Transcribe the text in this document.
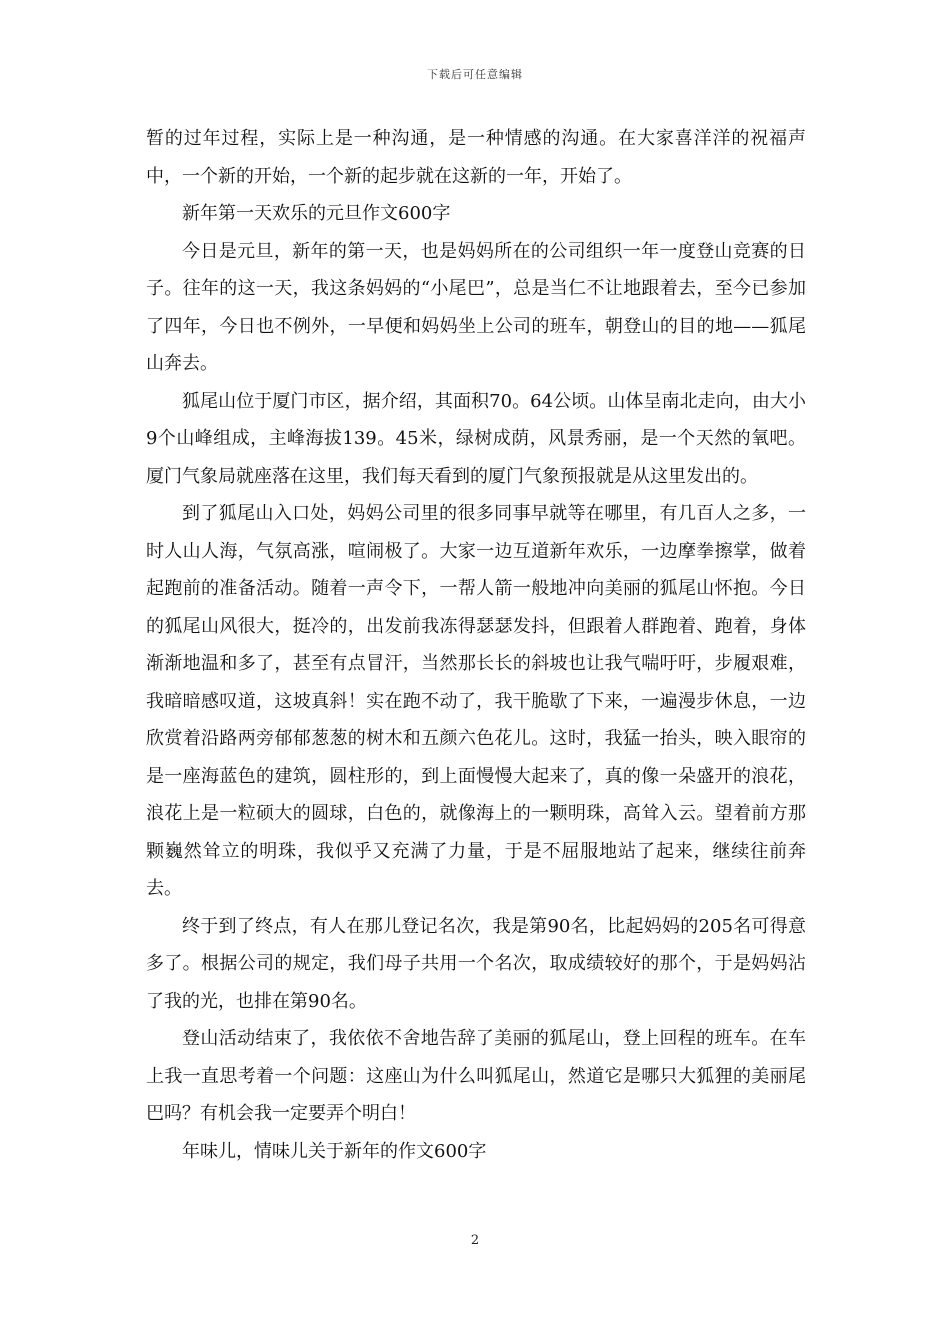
下载后可任意编辑

暂的过年过程，实际上是一种沟通，是一种情感的沟通。在大家喜洋洋的祝福声中，一个新的开始，一个新的起步就在这新的一年，开始了。

新年第一天欢乐的元旦作文600字

今日是元旦，新年的第一天，也是妈妈所在的公司组织一年一度登山竞赛的日子。往年的这一天，我这条妈妈的“小尾巴”，总是当仁不让地跟着去，至今已参加了四年，今日也不例外，一早便和妈妈坐上公司的班车，朝登山的目的地——狐尾山奔去。

狐尾山位于厦门市区，据介绍，其面积70。64公顷。山体呈南北走向，由大小9个山峰组成，主峰海拔139。45米，绿树成荫，风景秀丽，是一个天然的氧吧。厦门气象局就座落在这里，我们每天看到的厦门气象预报就是从这里发出的。

到了狐尾山入口处，妈妈公司里的很多同事早就等在哪里，有几百人之多，一时人山人海，气氛高涨，喧闹极了。大家一边互道新年欢乐，一边摩拳擦掌，做着起跑前的准备活动。随着一声令下，一帮人箭一般地冲向美丽的狐尾山怀抱。今日的狐尾山风很大，挺冷的，出发前我冻得瑟瑟发抖，但跟着人群跑着、跑着，身体渐渐地温和多了，甚至有点冒汗，当然那长长的斜坡也让我气喘吁吁，步履艰难，我暗暗感叹道，这坡真斜！实在跑不动了，我干脆歇了下来，一遍漫步休息，一边欣赏着沿路两旁郁郁葱葱的树木和五颜六色花儿。这时，我猛一抬头，映入眼帘的是一座海蓝色的建筑，圆柱形的，到上面慢慢大起来了，真的像一朵盛开的浪花，浪花上是一粒硕大的圆球，白色的，就像海上的一颗明珠，高耸入云。望着前方那颗巍然耸立的明珠，我似乎又充满了力量，于是不屈服地站了起来，继续往前奔去。

终于到了终点，有人在那儿登记名次，我是第90名，比起妈妈的205名可得意多了。根据公司的规定，我们母子共用一个名次，取成绩较好的那个，于是妈妈沾了我的光，也排在第90名。

登山活动结束了，我依依不舍地告辞了美丽的狐尾山，登上回程的班车。在车上我一直思考着一个问题：这座山为什么叫狐尾山，然道它是哪只大狐狸的美丽尾巴吗？有机会我一定要弄个明白！

年味儿，情味儿关于新年的作文600字

2
